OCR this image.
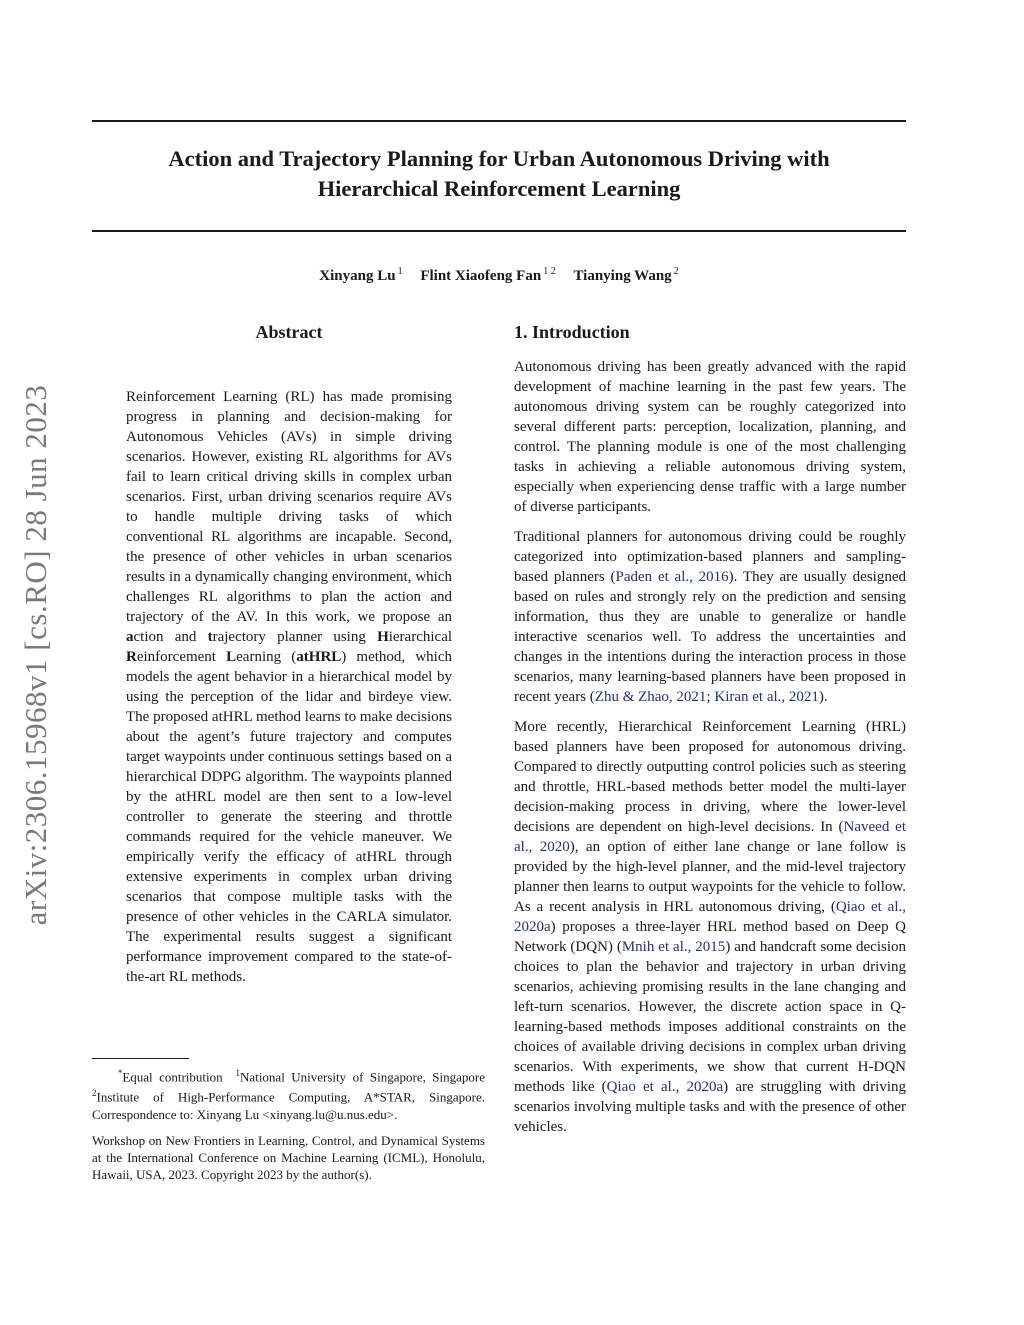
Action and Trajectory Planning for Urban Autonomous Driving with
Hierarchical Reinforcement Learning
Xinyang Lu $^1$ Flint Xiaofeng Fan $^{1 2}$ Tianying Wang $^2$
arXiv:2306.15968v1 [cs.RO] 28 Jun 2023
Abstract
Reinforcement Learning (RL) has made promising progress in planning and decision-making for Autonomous Vehicles (AVs) in simple driving scenarios. However, existing RL algorithms for AVs fail to learn critical driving skills in complex urban scenarios. First, urban driving scenarios require AVs to handle multiple driving tasks of which conventional RL algorithms are incapable. Second, the presence of other vehicles in urban scenarios results in a dynamically changing environment, which challenges RL algorithms to plan the action and trajectory of the AV. In this work, we propose an action and trajectory planner using Hierarchical Reinforcement Learning (atHRL) method, which models the agent behavior in a hierarchical model by using the perception of the lidar and birdeye view. The proposed atHRL method learns to make decisions about the agent’s future trajectory and computes target waypoints under continuous settings based on a hierarchical DDPG algorithm. The waypoints planned by the atHRL model are then sent to a low-level controller to generate the steering and throttle commands required for the vehicle maneuver. We empirically verify the efficacy of atHRL through extensive experiments in complex urban driving scenarios that compose multiple tasks with the presence of other vehicles in the CARLA simulator. The experimental results suggest a significant performance improvement compared to the state-of-the-art RL methods.
1. Introduction

Autonomous driving has been greatly advanced with the rapid development of machine learning in the past few years. The autonomous driving system can be roughly categorized into several different parts: perception, localization, planning, and control. The planning module is one of the most challenging tasks in achieving a reliable autonomous driving system, especially when experiencing dense traffic with a large number of diverse participants.

Traditional planners for autonomous driving could be roughly categorized into optimization-based planners and sampling-based planners (Paden et al., 2016). They are usually designed based on rules and strongly rely on the prediction and sensing information, thus they are unable to generalize or handle interactive scenarios well. To address the uncertainties and changes in the intentions during the interaction process in those scenarios, many learning-based planners have been proposed in recent years (Zhu & Zhao, 2021; Kiran et al., 2021).

More recently, Hierarchical Reinforcement Learning (HRL) based planners have been proposed for autonomous driving. Compared to directly outputting control policies such as steering and throttle, HRL-based methods better model the multi-layer decision-making process in driving, where the lower-level decisions are dependent on high-level decisions. In (Naveed et al., 2020), an option of either lane change or lane follow is provided by the high-level planner, and the mid-level trajectory planner then learns to output waypoints for the vehicle to follow. As a recent analysis in HRL autonomous driving, (Qiao et al., 2020a) proposes a three-layer HRL method based on Deep Q Network (DQN) (Mnih et al., 2015) and handcraft some decision choices to plan the behavior and trajectory in urban driving scenarios, achieving promising results in the lane changing and left-turn scenarios. However, the discrete action space in Q-learning-based methods imposes additional constraints on the choices of available driving decisions in complex urban driving scenarios. With experiments, we show that current H-DQN methods like (Qiao et al., 2020a) are struggling with driving scenarios involving multiple tasks and with the presence of other vehicles.

*Equal contribution $^1$National University of Singapore, Singapore $^2$Institute of High-Performance Computing, A*STAR, Singapore. Correspondence to: Xinyang Lu <xinyang.lu@u.nus.edu>.
Workshop on New Frontiers in Learning, Control, and Dynamical Systems at the International Conference on Machine Learning (ICML), Honolulu, Hawaii, USA, 2023. Copyright 2023 by the author(s).
